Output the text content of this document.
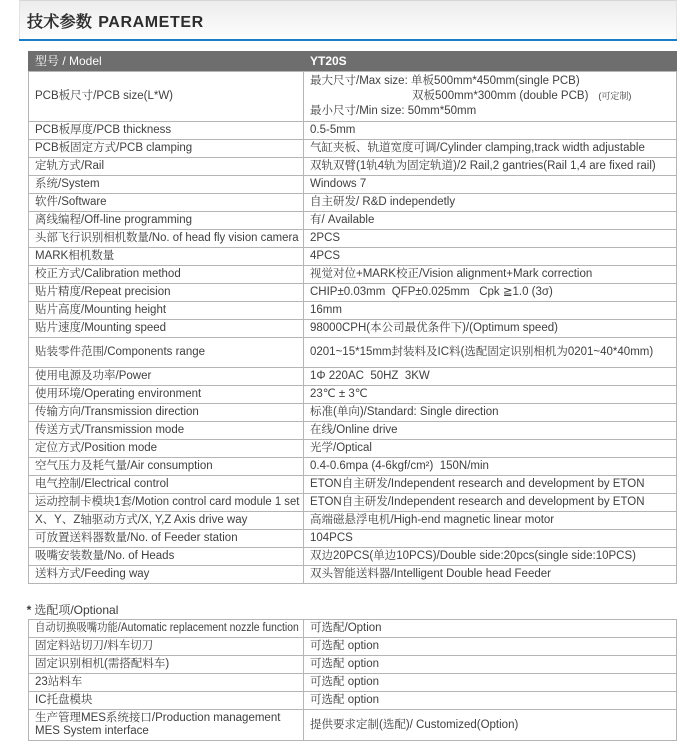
技术参数 PARAMETER
型号 / Model	YT20S
PCB板尺寸/PCB size(L*W)	最大尺寸/Max size: 单板500mm*450mm(single PCB)
双板500mm*300mm (double PCB) (可定制)
最小尺寸/Min size: 50mm*50mm

PCB板厚度/PCB thickness	0.5-5mm
PCB板固定方式/PCB clamping	气缸夹板、轨道宽度可调/Cylinder clamping,track width adjustable
定轨方式/Rail	双轨双臂(1轨4轨为固定轨道)/2 Rail,2 gantries(Rail 1,4 are fixed rail)
系统/System	Windows 7
软件/Software	自主研发/ R&D independetly
离线编程/Off-line programming	有/ Available
头部飞行识别相机数量/No. of head fly vision camera	2PCS
MARK相机数量	4PCS
校正方式/Calibration method	视觉对位+MARK校正/Vision alignment+Mark correction
贴片精度/Repeat precision	CHIP±0.03mm  QFP±0.025mm   Cpk ≧1.0 (3σ)
贴片高度/Mounting height	16mm
贴片速度/Mounting speed	98000CPH(本公司最优条件下)/(Optimum speed)
贴装零件范围/Components range	0201~15*15mm封装料及IC料(选配固定识别相机为0201~40*40mm)
使用电源及功率/Power	1Φ 220AC  50HZ  3KW
使用环境/Operating environment	23℃ ± 3℃
传输方向/Transmission direction	标准(单向)/Standard: Single direction
传送方式/Transmission mode	在线/Online drive
定位方式/Position mode	光学/Optical
空气压力及耗气量/Air consumption	0.4-0.6mpa (4-6kgf/cm²)  150N/min
电气控制/Electrical control	ETON自主研发/Independent research and development by ETON
运动控制卡模块1套/Motion control card module 1 set	ETON自主研发/Independent research and development by ETON
X、Y、Z轴驱动方式/X, Y,Z Axis drive way	高端磁悬浮电机/High-end magnetic linear motor
可放置送料器数量/No. of Feeder station	104PCS
吸嘴安装数量/No. of Heads	双边20PCS(单边10PCS)/Double side:20pcs(single side:10PCS)
送料方式/Feeding way	双头智能送料器/Intelligent Double head Feeder

* 选配项/Optional

自动切换吸嘴功能/Automatic replacement nozzle function	可选配/Option
固定料站切刀/料车切刀	可选配 option
固定识别相机(需搭配料车)	可选配 option
23站料车	可选配 option
IC托盘模块	可选配 option
生产管理MES系统接口/Production management MES System interface	提供要求定制(选配)/ Customized(Option)
